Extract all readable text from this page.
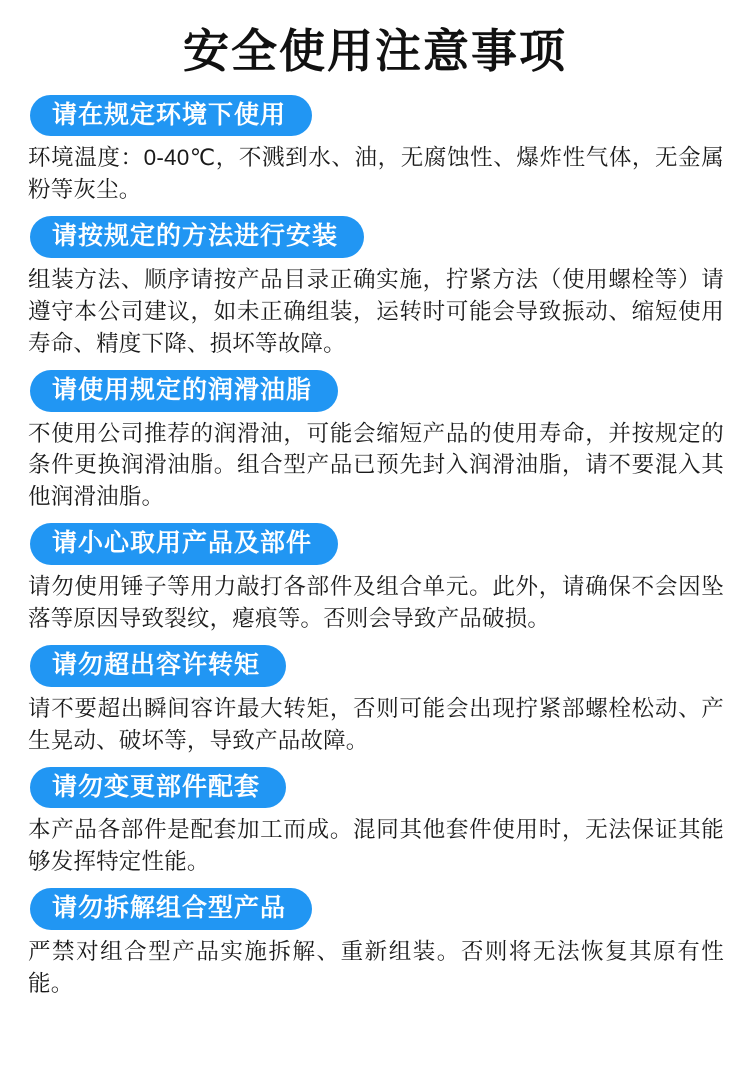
安全使用注意事项
请在规定环境下使用

环境温度：0-40℃，不溅到水、油，无腐蚀性、爆炸性气体，无金属粉等灰尘。

请按规定的方法进行安装

组装方法、顺序请按产品目录正确实施，拧紧方法（使用螺栓等）请遵守本公司建议，如未正确组装，运转时可能会导致振动、缩短使用寿命、精度下降、损坏等故障。

请使用规定的润滑油脂

不使用公司推荐的润滑油，可能会缩短产品的使用寿命，并按规定的条件更换润滑油脂。组合型产品已预先封入润滑油脂，请不要混入其他润滑油脂。

请小心取用产品及部件

请勿使用锤子等用力敲打各部件及组合单元。此外，请确保不会因坠落等原因导致裂纹，瘪痕等。否则会导致产品破损。

请勿超出容许转矩

请不要超出瞬间容许最大转矩，否则可能会出现拧紧部螺栓松动、产生晃动、破坏等，导致产品故障。

请勿变更部件配套

本产品各部件是配套加工而成。混同其他套件使用时，无法保证其能够发挥特定性能。

请勿拆解组合型产品

严禁对组合型产品实施拆解、重新组装。否则将无法恢复其原有性能。
